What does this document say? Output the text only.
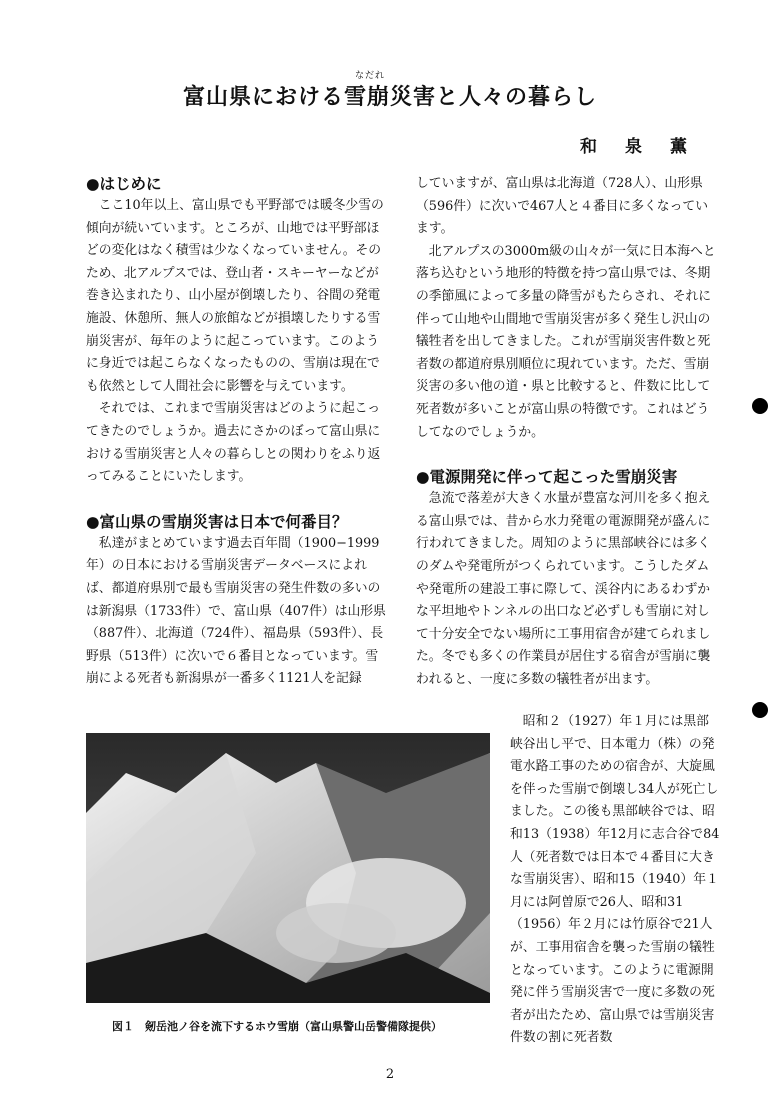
富山県における雪崩災害と人々の暮らし
なだれ
和泉薫
●はじめに

　ここ10年以上、富山県でも平野部では暖冬少雪の傾向が続いています。ところが、山地では平野部ほどの変化はなく積雪は少なくなっていません。そのため、北アルプスでは、登山者・スキーヤーなどが巻き込まれたり、山小屋が倒壊したり、谷間の発電施設、休憩所、無人の旅館などが損壊したりする雪崩災害が、毎年のように起こっています。このように身近では起こらなくなったものの、雪崩は現在でも依然として人間社会に影響を与えています。

　それでは、これまで雪崩災害はどのように起こってきたのでしょうか。過去にさかのぼって富山県における雪崩災害と人々の暮らしとの関わりをふり返ってみることにいたします。

●富山県の雪崩災害は日本で何番目？

　私達がまとめています過去百年間（1900−1999年）の日本における雪崩災害データベースによれば、都道府県別で最も雪崩災害の発生件数の多いのは新潟県（1733件）で、富山県（407件）は山形県（887件）、北海道（724件）、福島県（593件）、長野県（513件）に次いで６番目となっています。雪崩による死者も新潟県が一番多く1121人を記録

していますが、富山県は北海道（728人）、山形県（596件）に次いで467人と４番目に多くなっています。

　北アルプスの3000m級の山々が一気に日本海へと落ち込むという地形的特徴を持つ富山県では、冬期の季節風によって多量の降雪がもたらされ、それに伴って山地や山間地で雪崩災害が多く発生し沢山の犠牲者を出してきました。これが雪崩災害件数と死者数の都道府県別順位に現れています。ただ、雪崩災害の多い他の道・県と比較すると、件数に比して死者数が多いことが富山県の特徴です。これはどうしてなのでしょうか。

●電源開発に伴って起こった雪崩災害

　急流で落差が大きく水量が豊富な河川を多く抱える富山県では、昔から水力発電の電源開発が盛んに行われてきました。周知のように黒部峡谷には多くのダムや発電所がつくられています。こうしたダムや発電所の建設工事に際して、渓谷内にあるわずかな平坦地やトンネルの出口など必ずしも雪崩に対して十分安全でない場所に工事用宿舎が建てられました。冬でも多くの作業員が居住する宿舎が雪崩に襲われると、一度に多数の犠牲者が出ます。

　昭和２（1927）年１月には黒部峡谷出し平で、日本電力（株）の発電水路工事のための宿舎が、大旋風を伴った雪崩で倒壊し34人が死亡しました。この後も黒部峡谷では、昭和13（1938）年12月に志合谷で84人（死者数では日本で４番目に大きな雪崩災害）、昭和15（1940）年１月には阿曽原で26人、昭和31（1956）年２月には竹原谷で21人が、工事用宿舎を襲った雪崩の犠牲となっています。このように電源開発に伴う雪崩災害で一度に多数の死者が出たため、富山県では雪崩災害件数の割に死者数

図１　剱岳池ノ谷を流下するホウ雪崩（富山県警山岳警備隊提供）
2
